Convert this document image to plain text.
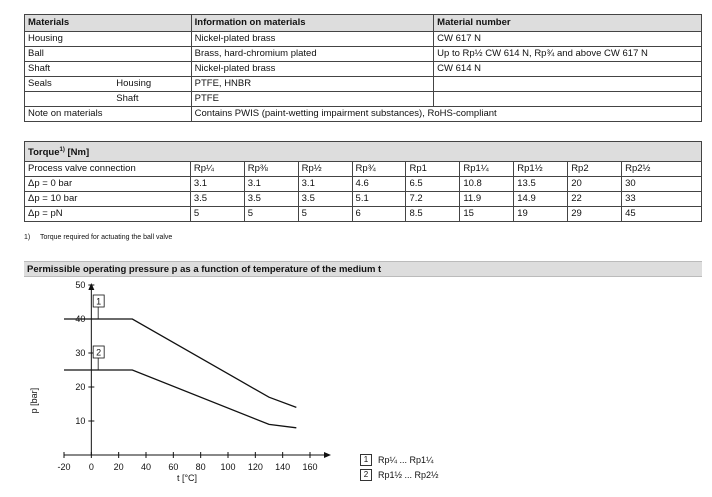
Materials		Information on materials	Material number
Housing		Nickel-plated brass	CW 617 N
Ball		Brass, hard-chromium plated	Up to Rp½ CW 614 N, Rp¾ and above CW 617 N
Shaft		Nickel-plated brass	CW 614 N
Seals	Housing	PTFE, HNBR	
	Shaft	PTFE	
Note on materials		Contains PWIS (paint-wetting impairment substances), RoHS-compliant	
Torque$^{1)}$ [Nm]									
Process valve connection	Rp¼	Rp⅜	Rp½	Rp¾	Rp1	Rp1¼	Rp1½	Rp2	Rp2½
Δp = 0 bar	3.1	3.1	3.1	4.6	6.5	10.8	13.5	20	30
Δp = 10 bar	3.5	3.5	3.5	5.1	7.2	11.9	14.9	22	33
Δp = pN	5	5	5	6	8.5	15	19	29	45
1) Torque required for actuating the ball valve
Permissible operating pressure p as a function of temperature of the medium t
-20 0 20 40 60 80 100 120 140 160
10
20
30
40
50
t [°C]
p [bar]
1
2
1	Rp¼ ... Rp1¼
2	Rp1½ ... Rp2½
